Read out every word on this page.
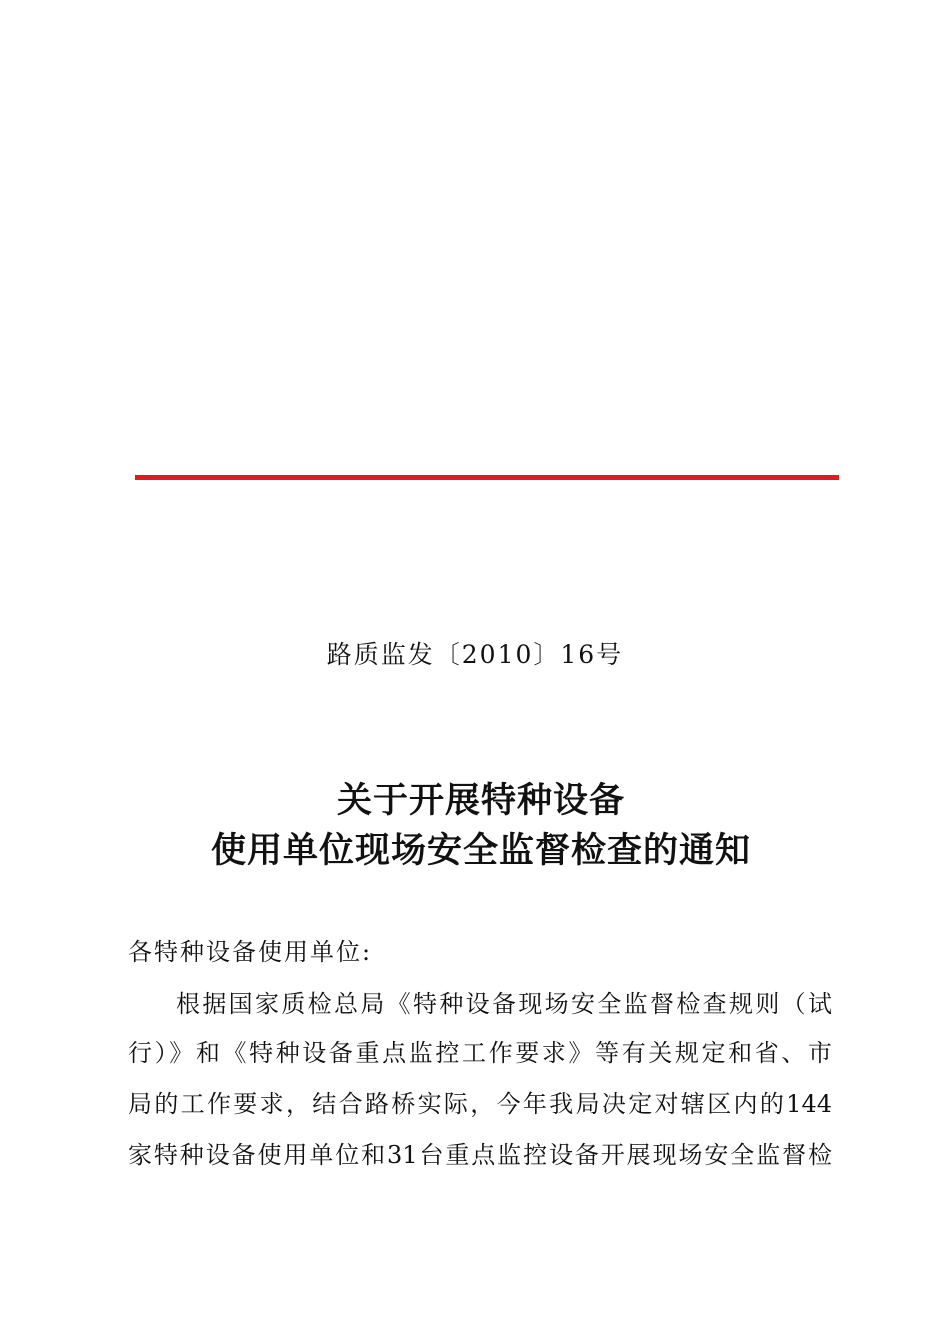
路质监发〔2010〕16号
关于开展特种设备
使用单位现场安全监督检查的通知
各特种设备使用单位:
根据国家质检总局《特种设备现场安全监督检查规则（试
行）》和《特种设备重点监控工作要求》等有关规定和省、市
局的工作要求，结合路桥实际，今年我局决定对辖区内的144
家特种设备使用单位和31台重点监控设备开展现场安全监督检
